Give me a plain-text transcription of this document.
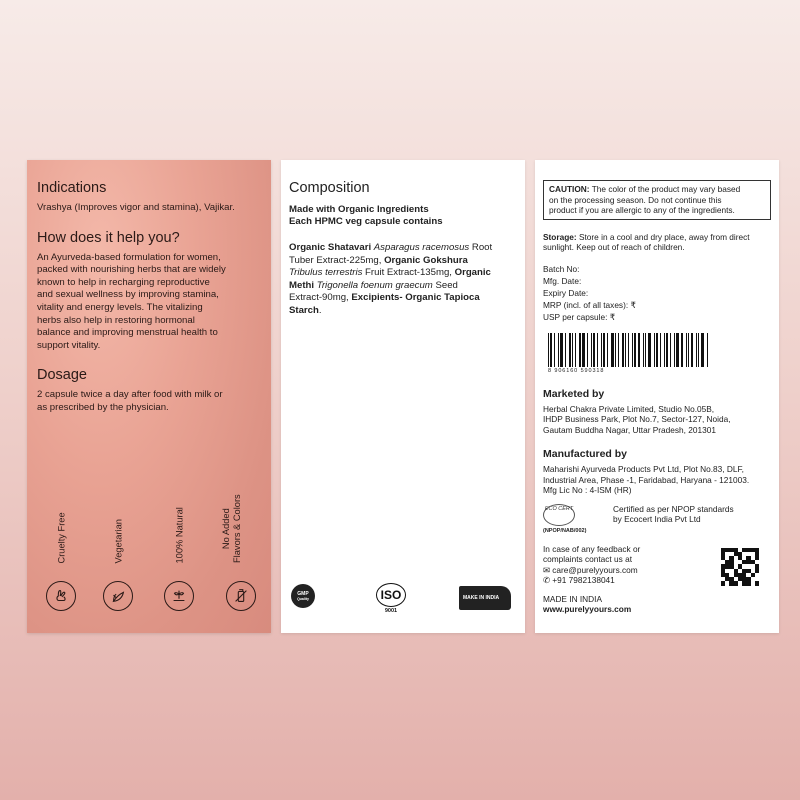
Indications
Vrashya (Improves vigor and stamina), Vajikar.
How does it help you?
An Ayurveda-based formulation for women,
packed with nourishing herbs that are widely
known to help in recharging reproductive
and sexual wellness by improving stamina,
vitality and energy levels. The vitalizing
herbs also help in restoring hormonal
balance and improving menstrual health to
support vitality.
Dosage
2 capsule twice a day after food with milk or
as prescribed by the physician.
Cruelty Free	Vegetarian	100% Natural	No Added Flavors & Colors
Composition
Made with Organic Ingredients
Each HPMC veg capsule contains
Organic Shatavari Asparagus racemosus Root
Tuber Extract-225mg, Organic Gokshura
Tribulus terrestris Fruit Extract-135mg, Organic
Methi Trigonella foenum graecum Seed
Extract-90mg, Excipients- Organic Tapioca
Starch.
GMP
Quality	ISO
9001
MAKE IN INDIA
CAUTION: The color of the product may vary based
on the processing season. Do not continue this
product if you are allergic to any of the ingredients.
Storage: Store in a cool and dry place, away from direct
sunlight. Keep out of reach of children.
Batch No:
Mfg. Date:
Expiry Date:
MRP (incl. of all taxes): ₹
USP per capsule: ₹
8 906160 590318
Marketed by
Herbal Chakra Private Limited, Studio No.05B,
IHDP Business Park, Plot No.7, Sector-127, Noida,
Gautam Buddha Nagar, Uttar Pradesh, 201301
Manufactured by
Maharishi Ayurveda Products Pvt Ltd, Plot No.83, DLF,
Industrial Area, Phase -1, Faridabad, Haryana - 121003.
Mfg Lic No : 4-ISM (HR)
ECO CERT
(NPOP/NAB/002)
Certified as per NPOP standards
by Ecocert India Pvt Ltd
In case of any feedback or
complaints contact us at
✉ care@purelyyours.com
✆ +91 7982138041
MADE IN INDIA
www.purelyyours.com
